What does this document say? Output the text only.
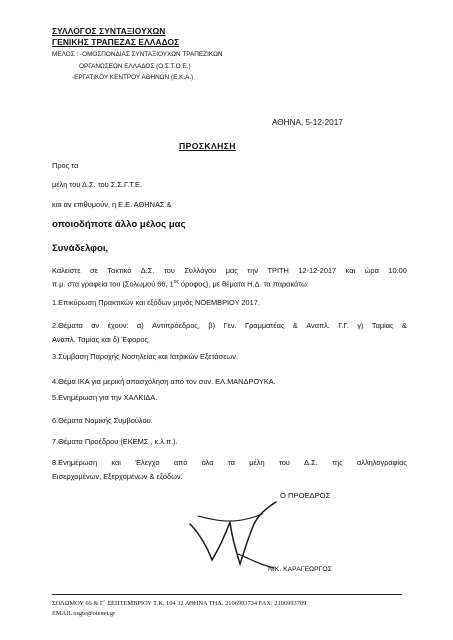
ΣΥΛΛΟΓΟΣ ΣΥΝΤΑΞΙΟΥΧΩΝ
ΓΕΝΙΚΗΣ ΤΡΑΠΕΖΑΣ ΕΛΛΑΔΟΣ
ΜΕΛΟΣ : -ΟΜΟΣΠΟΝΔΙΑΣ ΣΥΝΤΑΞΙΟΥΧΩΝ ΤΡΑΠΕΖΙΚΩΝ
ΟΡΓΑΝΩΣΕΩΝ ΕΛΛΑΔΟΣ (Ο.Σ.Τ.Ο.Ε.)
-ΕΡΓΑΤΙΚΟΥ ΚΕΝΤΡΟΥ ΑΘΗΝΩΝ (Ε.Κ.Α.)
ΑΘΗΝΑ, 5-12-2017
ΠΡΟΣΚΛΗΣΗ
Προς τα
μέλη του Δ.Σ. του Σ.Σ.Γ.Τ.Ε.
και αν επιθυμούν, η Ε.Ε. ΑΘΗΝΑΣ &
οποιοδήποτε άλλο μέλος μας
Συνάδελφοι,
Καλείστε σε Τακτικό Δ.Σ. του Συλλόγου μας την ΤΡΙΤΗ 12-12-2017 και ώρα 10:00
π.μ. στα γραφεία του (Σολωμού 66, $1^{o\varsigma}$ όροφος), με θέματα Η.Δ. τα παρακάτω:
1.Επικύρωση Πρακτικών και εξόδων μηνός ΝΟΕΜΒΡΙΟΥ 2017.
2.Θέματα αν έχουν: α) Αντιπρόεδρος, β) Γεν. Γραμματέας & Αναπλ. Γ.Γ. γ) Ταμίας &
Αναπλ. Ταμίας και δ) Έφορος.
3.Σύμβαση Παροχής Νοσηλείας και Ιατρικών Εξετάσεων.
4.Θέμα ΙΚΑ για μερική απασχόληση από τον συν. ΕΛ.ΜΑΝΔΡΟΥΚΑ.
5.Ενημέρωση για την ΧΑΛΚΙΔΑ.
6.Θέματα Νομικής Συμβούλου.
7.Θέματα Προέδρου (ΕΚΕΜΣ , κ.λ.π.).
8.Ενημέρωση και Έλεγχο από όλα τα μέλη του Δ.Σ. της αλληλογραφίας
Εισερχομένων, Εξερχομένων & εξόδων.
Ο ΠΡΟΕΔΡΟΣ
ΝΙΚ. ΚΑΡΑΓΕΩΡΓΟΣ
ΣΟΛΩΜΟΥ 66 & Γ΄ ΣΕΠΤΕΜΒΡΙΟΥ Τ.Κ. 104 32 ΑΘΗΝΑ ΤΗΛ. 2106993734 FAX: 2106993709
EMAIL:ssgte@otenet.gr
